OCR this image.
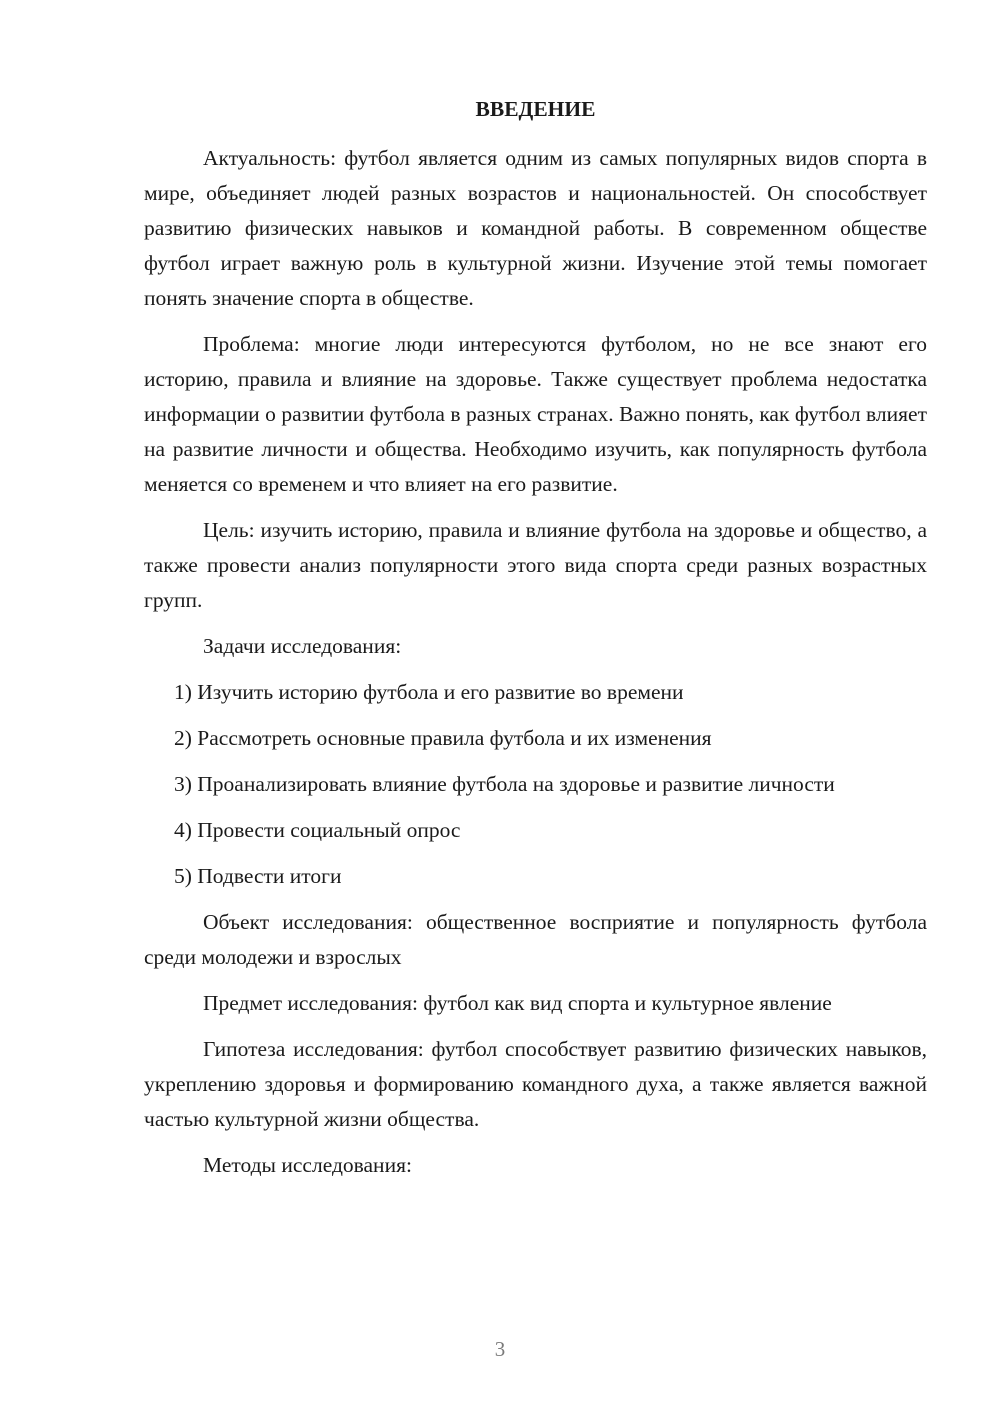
ВВЕДЕНИЕ

Актуальность: футбол является одним из самых популярных видов спорта в мире, объединяет людей разных возрастов и национальностей. Он способствует развитию физических навыков и командной работы. В современном обществе футбол играет важную роль в культурной жизни. Изучение этой темы помогает понять значение спорта в обществе.

Проблема: многие люди интересуются футболом, но не все знают его историю, правила и влияние на здоровье. Также существует проблема недостатка информации о развитии футбола в разных странах. Важно понять, как футбол влияет на развитие личности и общества. Необходимо изучить, как популярность футбола меняется со временем и что влияет на его развитие.

Цель: изучить историю, правила и влияние футбола на здоровье и общество, а также провести анализ популярности этого вида спорта среди разных возрастных групп.

Задачи исследования:

1) Изучить историю футбола и его развитие во времени

2) Рассмотреть основные правила футбола и их изменения

3) Проанализировать влияние футбола на здоровье и развитие личности

4) Провести социальный опрос

5) Подвести итоги

Объект исследования: общественное восприятие и популярность футбола среди молодежи и взрослых

Предмет исследования: футбол как вид спорта и культурное явление

Гипотеза исследования: футбол способствует развитию физических навыков, укреплению здоровья и формированию командного духа, а также является важной частью культурной жизни общества.

Методы исследования:

3
